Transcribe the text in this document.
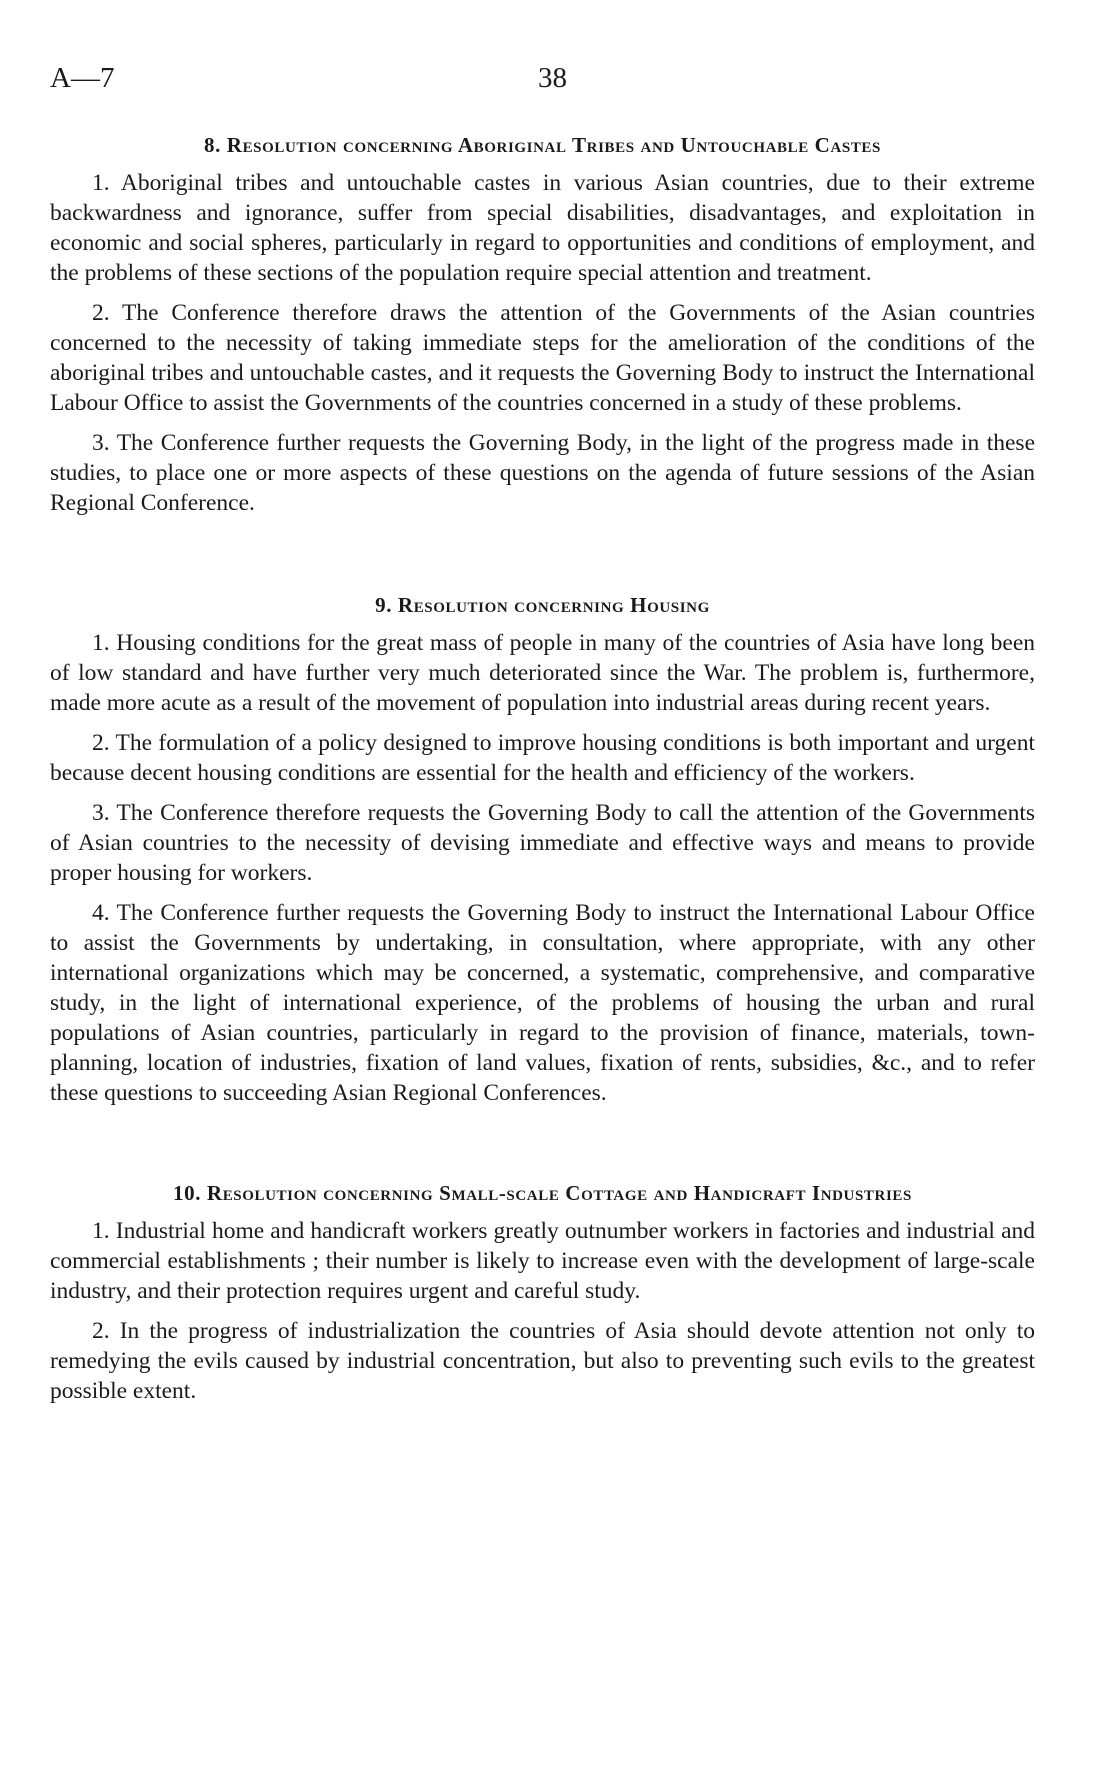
A—7	38
8. Resolution concerning Aboriginal Tribes and Untouchable Castes

1. Aboriginal tribes and untouchable castes in various Asian countries, due to their extreme backwardness and ignorance, suffer from special disabilities, disadvantages, and exploitation in economic and social spheres, particularly in regard to opportunities and conditions of employment, and the problems of these sections of the population require special attention and treatment.

2. The Conference therefore draws the attention of the Governments of the Asian countries concerned to the necessity of taking immediate steps for the amelioration of the conditions of the aboriginal tribes and untouchable castes, and it requests the Governing Body to instruct the International Labour Office to assist the Governments of the countries concerned in a study of these problems.

3. The Conference further requests the Governing Body, in the light of the progress made in these studies, to place one or more aspects of these questions on the agenda of future sessions of the Asian Regional Conference.

9. Resolution concerning Housing

1. Housing conditions for the great mass of people in many of the countries of Asia have long been of low standard and have further very much deteriorated since the War. The problem is, furthermore, made more acute as a result of the movement of population into industrial areas during recent years.

2. The formulation of a policy designed to improve housing conditions is both important and urgent because decent housing conditions are essential for the health and efficiency of the workers.

3. The Conference therefore requests the Governing Body to call the attention of the Governments of Asian countries to the necessity of devising immediate and effective ways and means to provide proper housing for workers.

4. The Conference further requests the Governing Body to instruct the International Labour Office to assist the Governments by undertaking, in consultation, where appropriate, with any other international organizations which may be concerned, a systematic, comprehensive, and comparative study, in the light of international experience, of the problems of housing the urban and rural populations of Asian countries, particularly in regard to the provision of finance, materials, town-planning, location of industries, fixation of land values, fixation of rents, subsidies, &c., and to refer these questions to succeeding Asian Regional Conferences.

10. Resolution concerning Small-scale Cottage and Handicraft Industries

1. Industrial home and handicraft workers greatly outnumber workers in factories and industrial and commercial establishments ; their number is likely to increase even with the development of large-scale industry, and their protection requires urgent and careful study.

2. In the progress of industrialization the countries of Asia should devote attention not only to remedying the evils caused by industrial concentration, but also to preventing such evils to the greatest possible extent.
